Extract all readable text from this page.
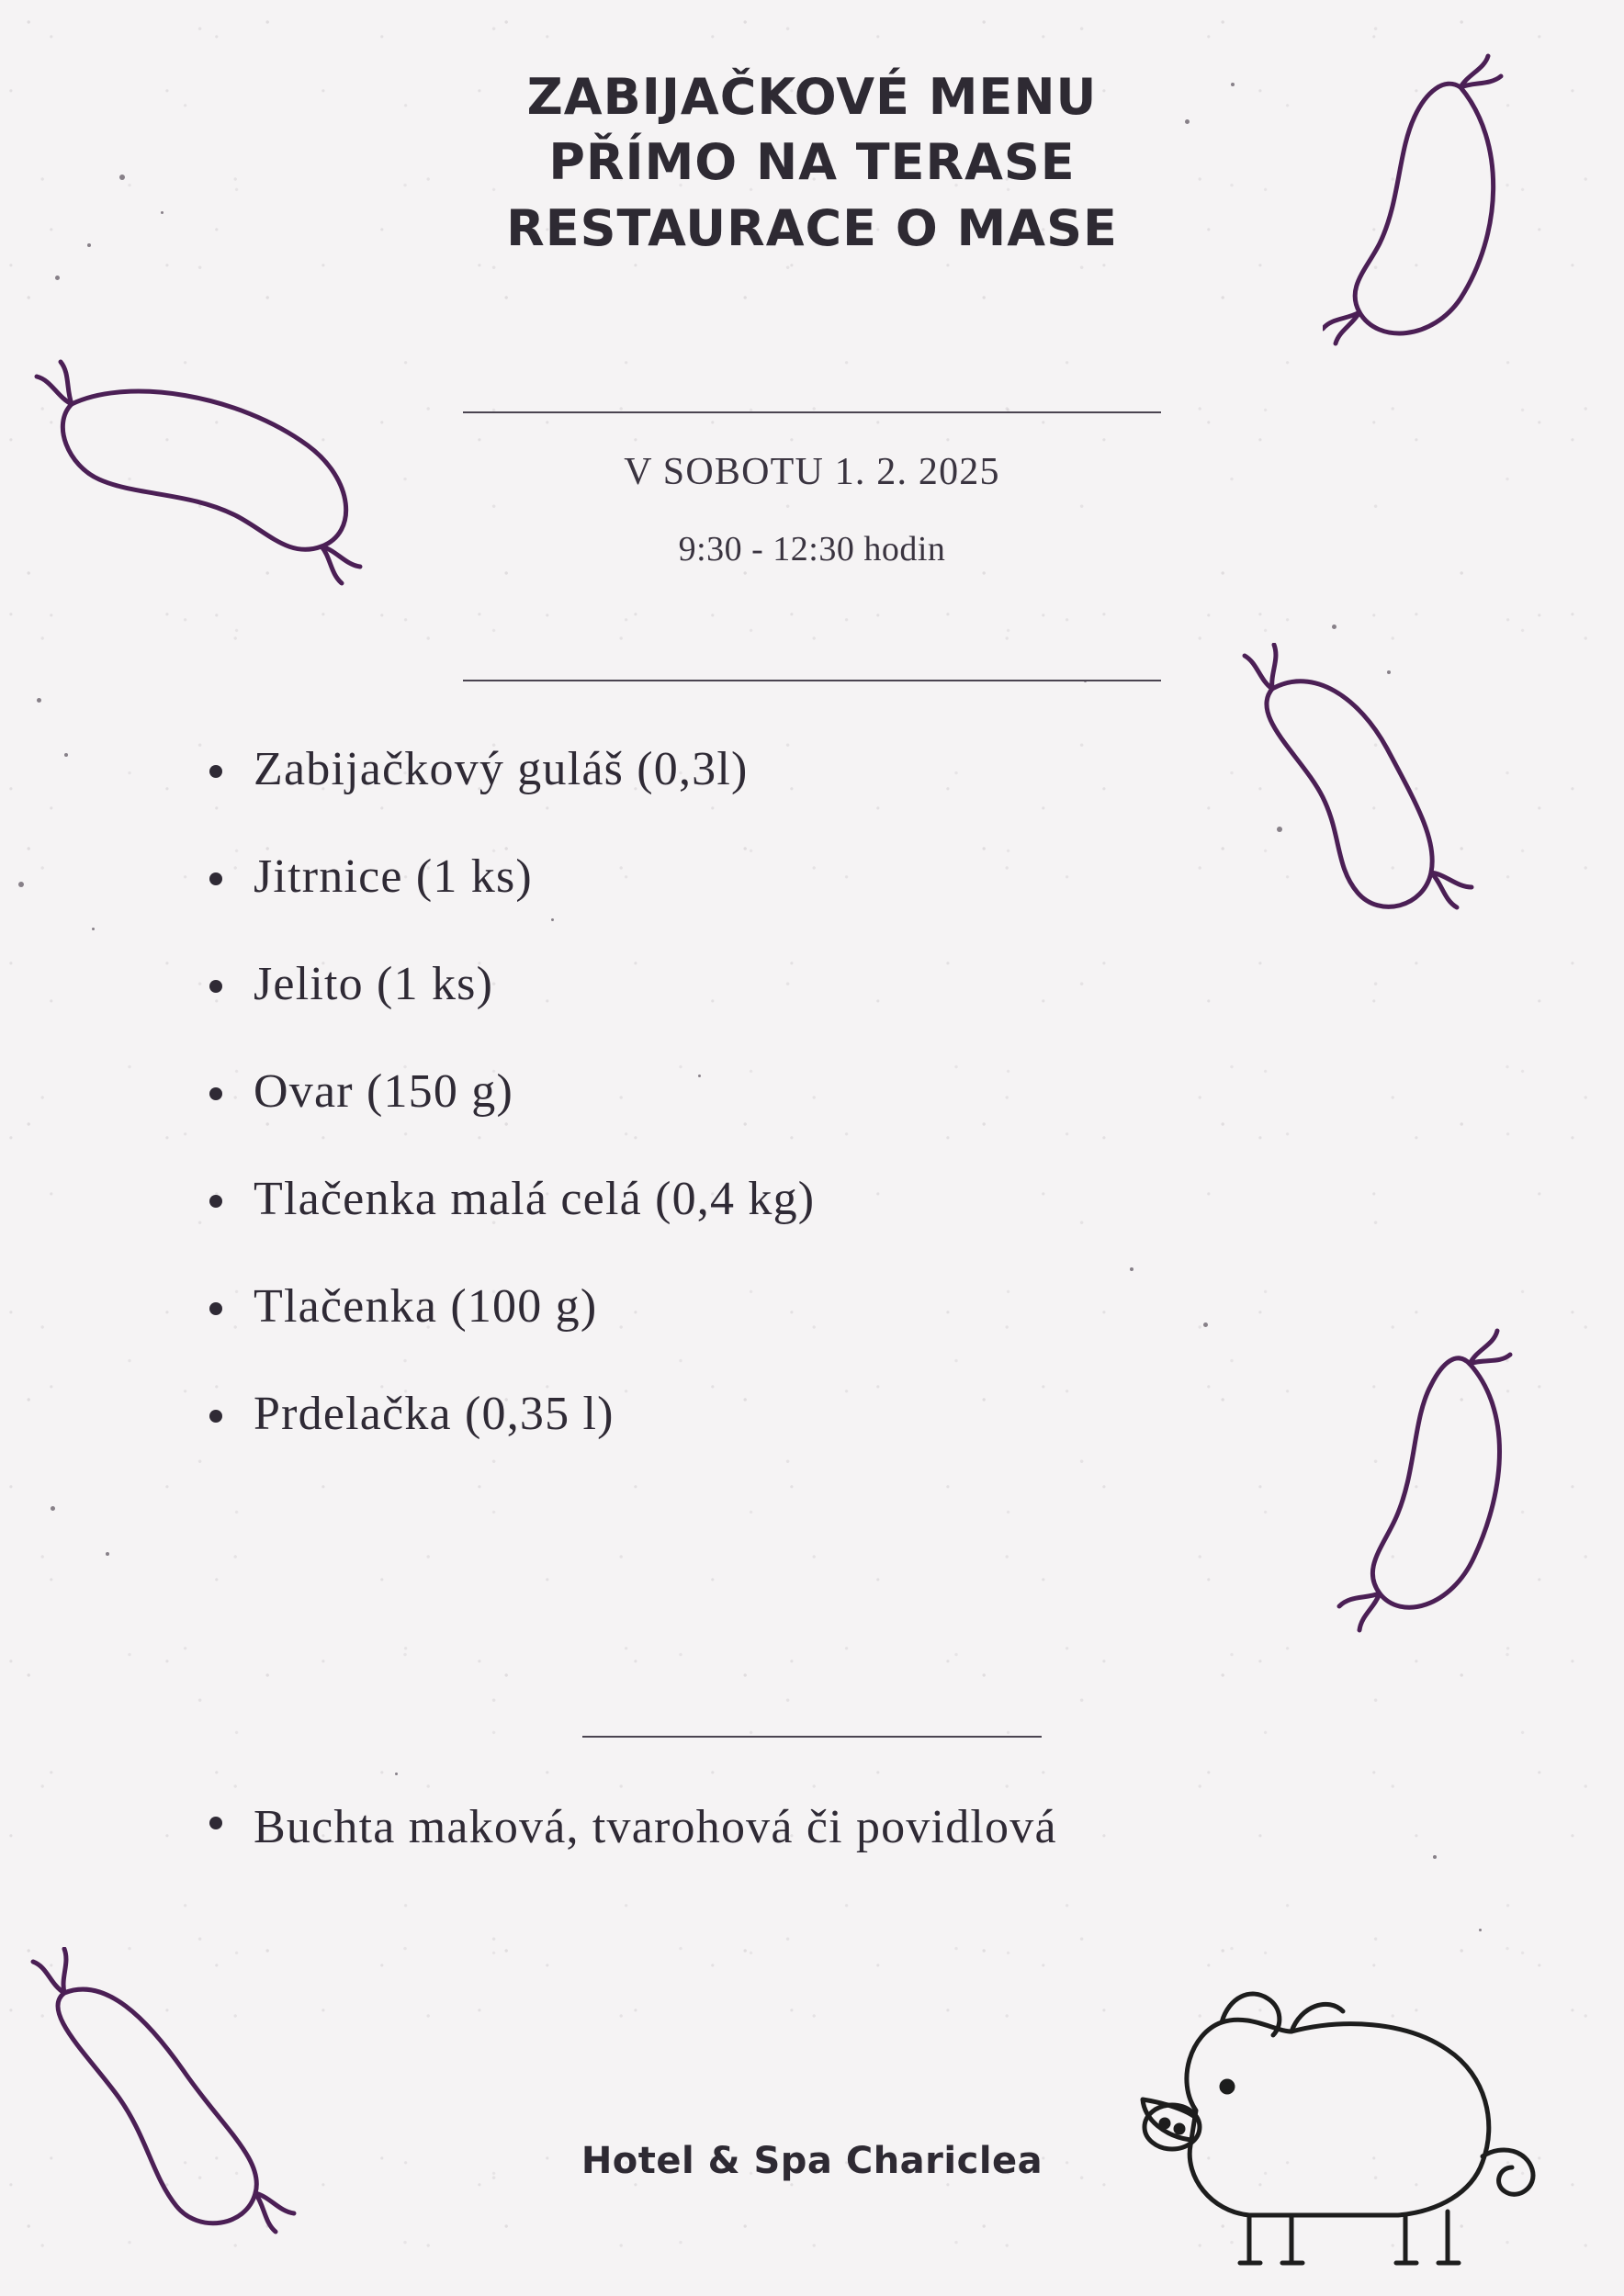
ZABIJAČKOVÉ MENU
PŘÍMO NA TERASE
RESTAURACE O MASE
V SOBOTU 1. 2. 2025
9:30 - 12:30 hodin
Zabijačkový guláš (0,3l)
Jitrnice (1 ks)
Jelito (1 ks)
Ovar (150 g)
Tlačenka malá celá (0,4 kg)
Tlačenka (100 g)
Prdelačka (0,35 l)
Buchta maková, tvarohová či povidlová
Hotel & Spa Chariclea
